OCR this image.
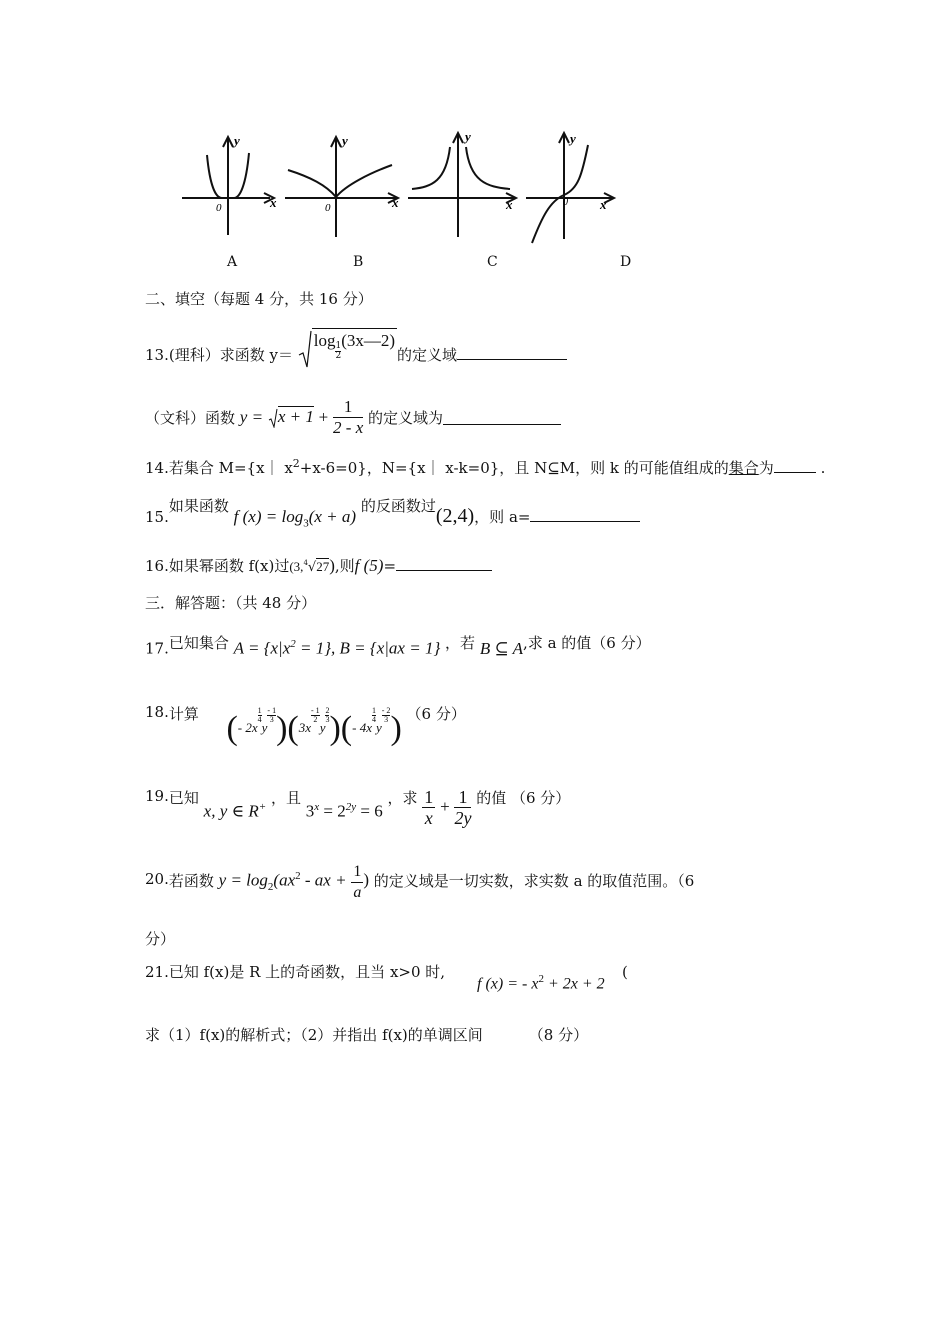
y
x
0
y
x
0
y
x
y
x
0
A	B	C	D
二、填空（每题 4 分，共 16 分）
13.(理科）求函数 y＝ log
$\frac{1}{2}$
(3x—2)的定义域
（文科）函数 $y = x + 1 + \frac{1}{2 - x}$ 的定义域为
14.若集合 M={x｜ $x^2+x-6=0$}，N={x｜ x-k=0}，且 N⊆M，则 k 的可能值组成的集合为	.
15.如果函数 f $(x) = \log_3(x + a)$ 的反函数过(2,4)，则 a=
16.如果幂函数 f(x)过(3,$^4$√27),则f (5)=
三．解答题：（共 48 分）
17.已知集合 $A = \{x|x^2 = 1\}$, B = {x|ax = 1} ，若 B ⊆ A,求 a 的值（6 分）
18.计算 (- 2x
$\frac{1}{4}$
y
$\frac{- 1}{3} )(3x$
$\frac{- 1}{2}$
y
$\frac{2}{3}$ )(- 4x
$\frac{1}{4}$
y
$\frac{- 2}{3}$ ) （6 分）
19.已知 x, y ∈ R+ ，且 $3^x = 2^{2y} = 6$ ，求 $\frac{1}{x} + \frac{1}{2y}$ 的值 （6 分）
20.若函数 $y = \log_2(ax^2$ - ax + $\frac{1}{a}$ ) 的定义域是一切实数，求实数 a 的取值范围。（6
分）
21.已知 f(x)是 R 上的奇函数，且当 x>0 时,
f (x) = - $x^2 + 2x + 2$
(
求（1）f(x)的解析式；（2）并指出 f(x)的单调区间	（8 分）
